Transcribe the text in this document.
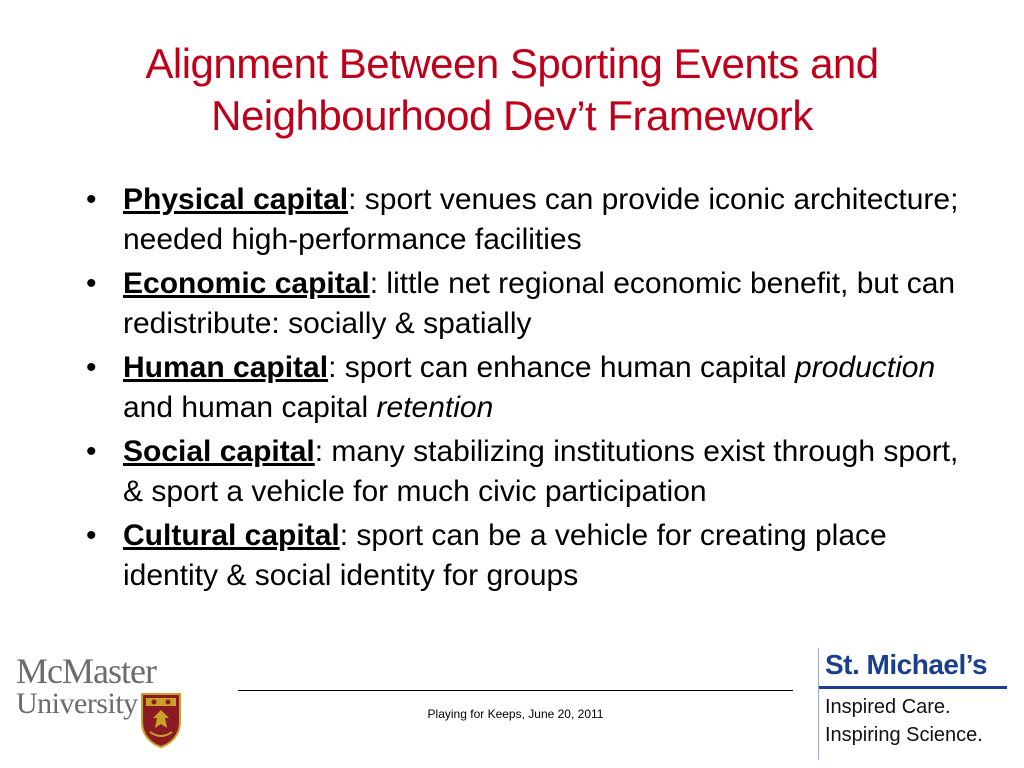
Alignment Between Sporting Events and
Neighbourhood Dev’t Framework
• Physical capital: sport venues can provide iconic architecture; needed high-performance facilities
• Economic capital: little net regional economic benefit, but can redistribute: socially & spatially
• Human capital: sport can enhance human capital production and human capital retention
• Social capital: many stabilizing institutions exist through sport, & sport a vehicle for much civic participation
• Cultural capital: sport can be a vehicle for creating place identity & social identity for groups
Playing for Keeps, June 20, 2011
McMaster
University
St. Michael’s
Inspired Care.
Inspiring Science.
